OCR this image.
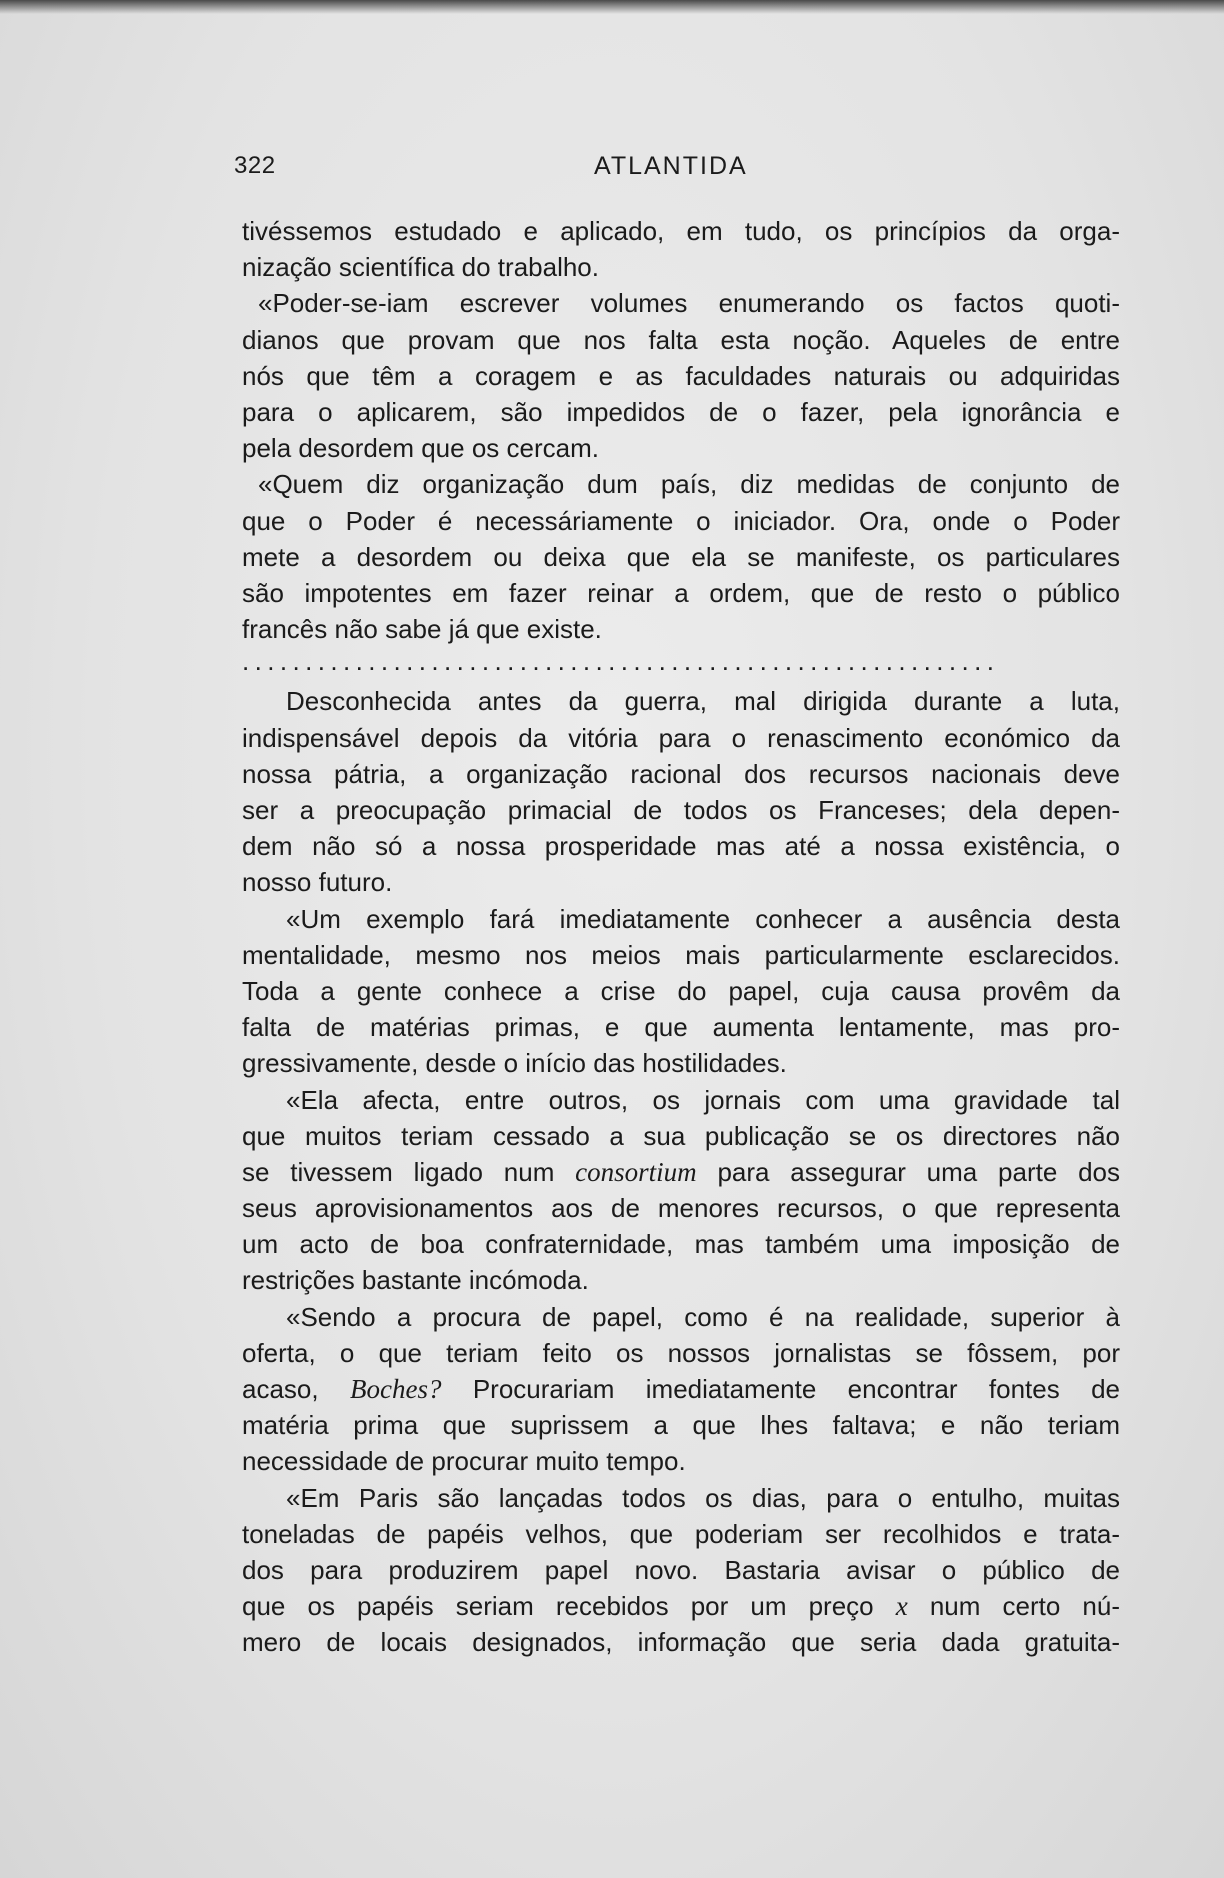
322	ATLANTIDA
tivéssemos estudado e aplicado, em tudo, os princípios da orga-
nização scientífica do trabalho.
«Poder-se-iam escrever volumes enumerando os factos quoti-
dianos que provam que nos falta esta noção. Aqueles de entre
nós que têm a coragem e as faculdades naturais ou adquiridas
para o aplicarem, são impedidos de o fazer, pela ignorância e
pela desordem que os cercam.
«Quem diz organização dum país, diz medidas de conjunto de
que o Poder é necessáriamente o iniciador. Ora, onde o Poder
mete a desordem ou deixa que ela se manifeste, os particulares
são impotentes em fazer reinar a ordem, que de resto o público
francês não sabe já que existe.
............................................................
Desconhecida antes da guerra, mal dirigida durante a luta,
indispensável depois da vitória para o renascimento económico da
nossa pátria, a organização racional dos recursos nacionais deve
ser a preocupação primacial de todos os Franceses; dela depen-
dem não só a nossa prosperidade mas até a nossa existência, o
nosso futuro.
«Um exemplo fará imediatamente conhecer a ausência desta
mentalidade, mesmo nos meios mais particularmente esclarecidos.
Toda a gente conhece a crise do papel, cuja causa provêm da
falta de matérias primas, e que aumenta lentamente, mas pro-
gressivamente, desde o início das hostilidades.
«Ela afecta, entre outros, os jornais com uma gravidade tal
que muitos teriam cessado a sua publicação se os directores não
se tivessem ligado num consortium para assegurar uma parte dos
seus aprovisionamentos aos de menores recursos, o que representa
um acto de boa confraternidade, mas também uma imposição de
restrições bastante incómoda.
«Sendo a procura de papel, como é na realidade, superior à
oferta, o que teriam feito os nossos jornalistas se fôssem, por
acaso, Boches? Procurariam imediatamente encontrar fontes de
matéria prima que suprissem a que lhes faltava; e não teriam
necessidade de procurar muito tempo.
«Em Paris são lançadas todos os dias, para o entulho, muitas
toneladas de papéis velhos, que poderiam ser recolhidos e trata-
dos para produzirem papel novo. Bastaria avisar o público de
que os papéis seriam recebidos por um preço x num certo nú-
mero de locais designados, informação que seria dada gratuita-
